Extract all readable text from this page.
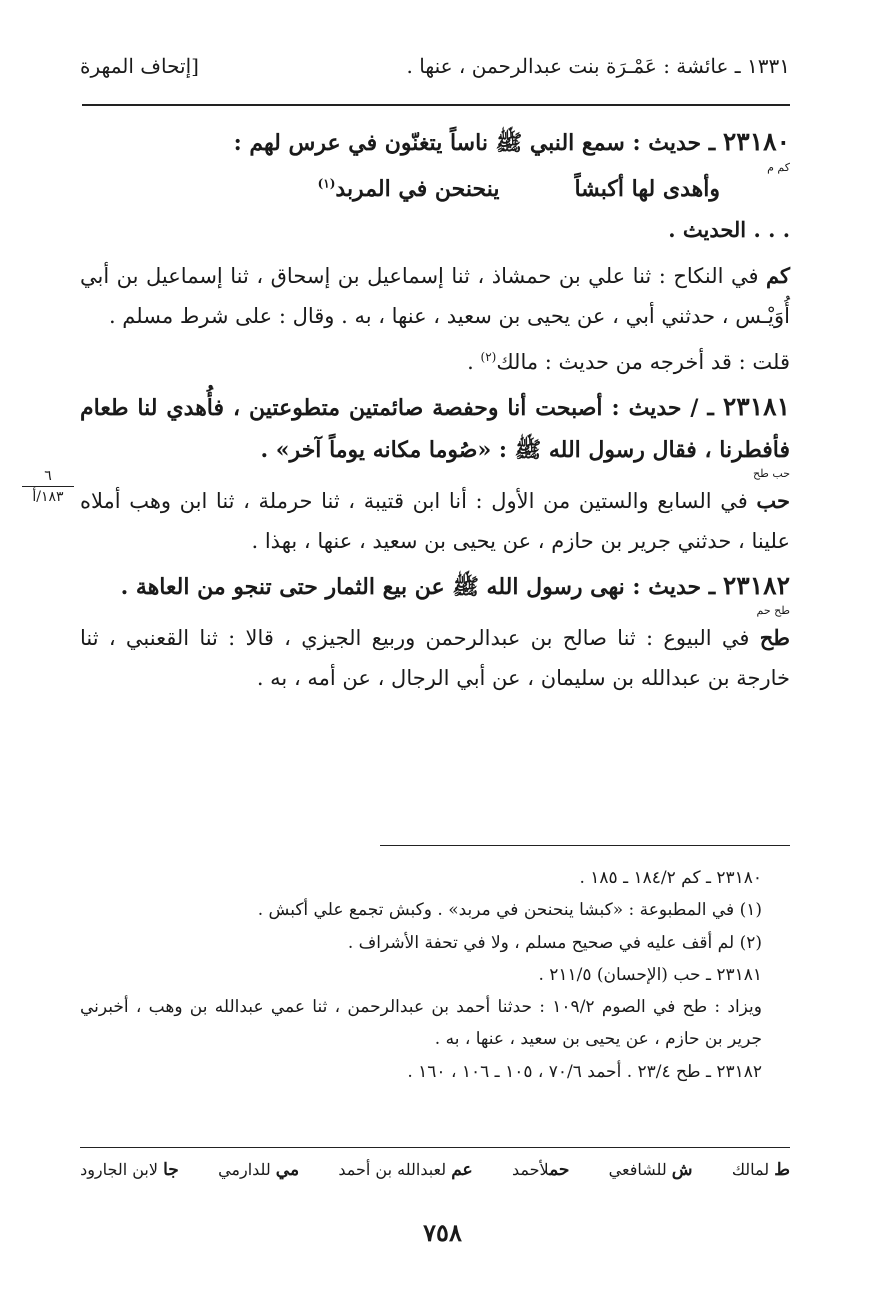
١٣٣١ ـ عائشة : عَمْـرَة بنت عبدالرحمن ، عنها .
[إتحاف المهرة
٢٣١٨٠ ـ حديث : سمع النبي ﷺ ناساً يتغنّون في عرس لهم :
كم م
وأهدى لها أكبشاً
ينحنحن في المربد$^{(١)}$
. . . الحديث .
كم في النكاح : ثنا علي بن حمشاذ ، ثنا إسماعيل بن إسحاق ، ثنا إسماعيل بن أبي أُوَيْـس ، حدثني أبي ، عن يحيى بن سعيد ، عنها ، به . وقال : على شرط مسلم .
قلت : قد أخرجه من حديث : مالك$^{(٢)}$ .
٢٣١٨١ ـ / حديث : أصبحت أنا وحفصة صائمتين متطوعتين ، فأُهدي لنا طعام فأفطرنا ، فقال رسول الله ﷺ : «صُوما مكانه يوماً آخر» .
حب طح
حب في السابع والستين من الأول : أنا ابن قتيبة ، ثنا حرملة ، ثنا ابن وهب أملاه علينا ، حدثني جرير بن حازم ، عن يحيى بن سعيد ، عنها ، بهذا .
٢٣١٨٢ ـ حديث : نهى رسول الله ﷺ عن بيع الثمار حتى تنجو من العاهة .
طح حم
طح في البيوع : ثنا صالح بن عبدالرحمن وربيع الجيزي ، قالا : ثنا القعنبي ، ثنا خارجة بن عبدالله بن سليمان ، عن أبي الرجال ، عن أمه ، به .
٦
١٨٣/أ
٢٣١٨٠ ـ كم ١٨٤/٢ ـ ١٨٥ .
(١) في المطبوعة : «كبشا ينحنحن في مربد» . وكبش تجمع علي أكبش .
(٢) لم أقف عليه في صحيح مسلم ، ولا في تحفة الأشراف .
٢٣١٨١ ـ حب (الإحسان) ٢١١/٥ .
ويزاد : طح في الصوم ١٠٩/٢ : حدثنا أحمد بن عبدالرحمن ، ثنا عمي عبدالله بن وهب ، أخبرني جرير بن حازم ، عن يحيى بن سعيد ، عنها ، به .
٢٣١٨٢ ـ طح ٢٣/٤ . أحمد ٧٠/٦ ، ١٠٥ ـ ١٠٦ ، ١٦٠ .
ط لمالك
ش للشافعي
حملأحمد
عم لعبدالله بن أحمد
مي للدارمي
جا لابن الجارود
٧٥٨
